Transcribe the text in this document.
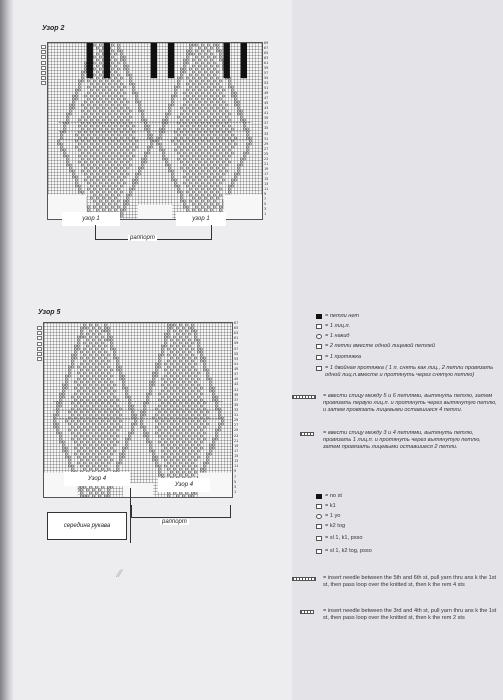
Узор 2
69
67
65
63
61
59
57
55
53
51
49
47
45
43
41
39
37
35
33
31
29
27
25
23
21
19
17
15
13
11
9
7
5
3
1
узор 1	узор 1
раппорт
Узор 5
67
65
63
61
59
57
55
53
51
49
47
45
43
41
39
37
35
33
31
29
27
25
23
21
19
17
15
13
11
9
7
5
3
1
Узор 4
Узор 4
середина рукава
раппорт
⁄⁄
= петли нет
= 1 лиц.п.
= 1 накид
= 2 петли вместе одной лицевой петлей
= 1 протяжка
= 1 двойная протяжка ( 1 п. снять как лиц., 2 петли провязать одной лиц.п.вместе и протянуть через снятую петлю)
= ввести спицу между 5 и 6 петлями, вытянуть петлю, затем провязать первую лиц.п. и протянуть через вытянутую петлю, и затем провязать лицевыми оставшиеся 4 петли.
= ввести спицу между 3 и 4 петлями, вытянуть петлю, провязать 1 лиц.п. и протянуть через вытянутую петлю, затем провязать лицевыми оставшиеся 2 петли.
= no st
= k1
= 1 yo
= k2 tog
= sl 1, k1, psso
= sl 1, k2 tog, psso
= insert needle between the 5th and 6th st, pull yarn thru ans k the 1st st, then pass loop over the knitted st, then k the rem 4 sts
= insert needle between the 3rd and 4th st, pull yarn thru ans k the 1st st, then pass loop over the knitted st, then k the rem 2 sts
